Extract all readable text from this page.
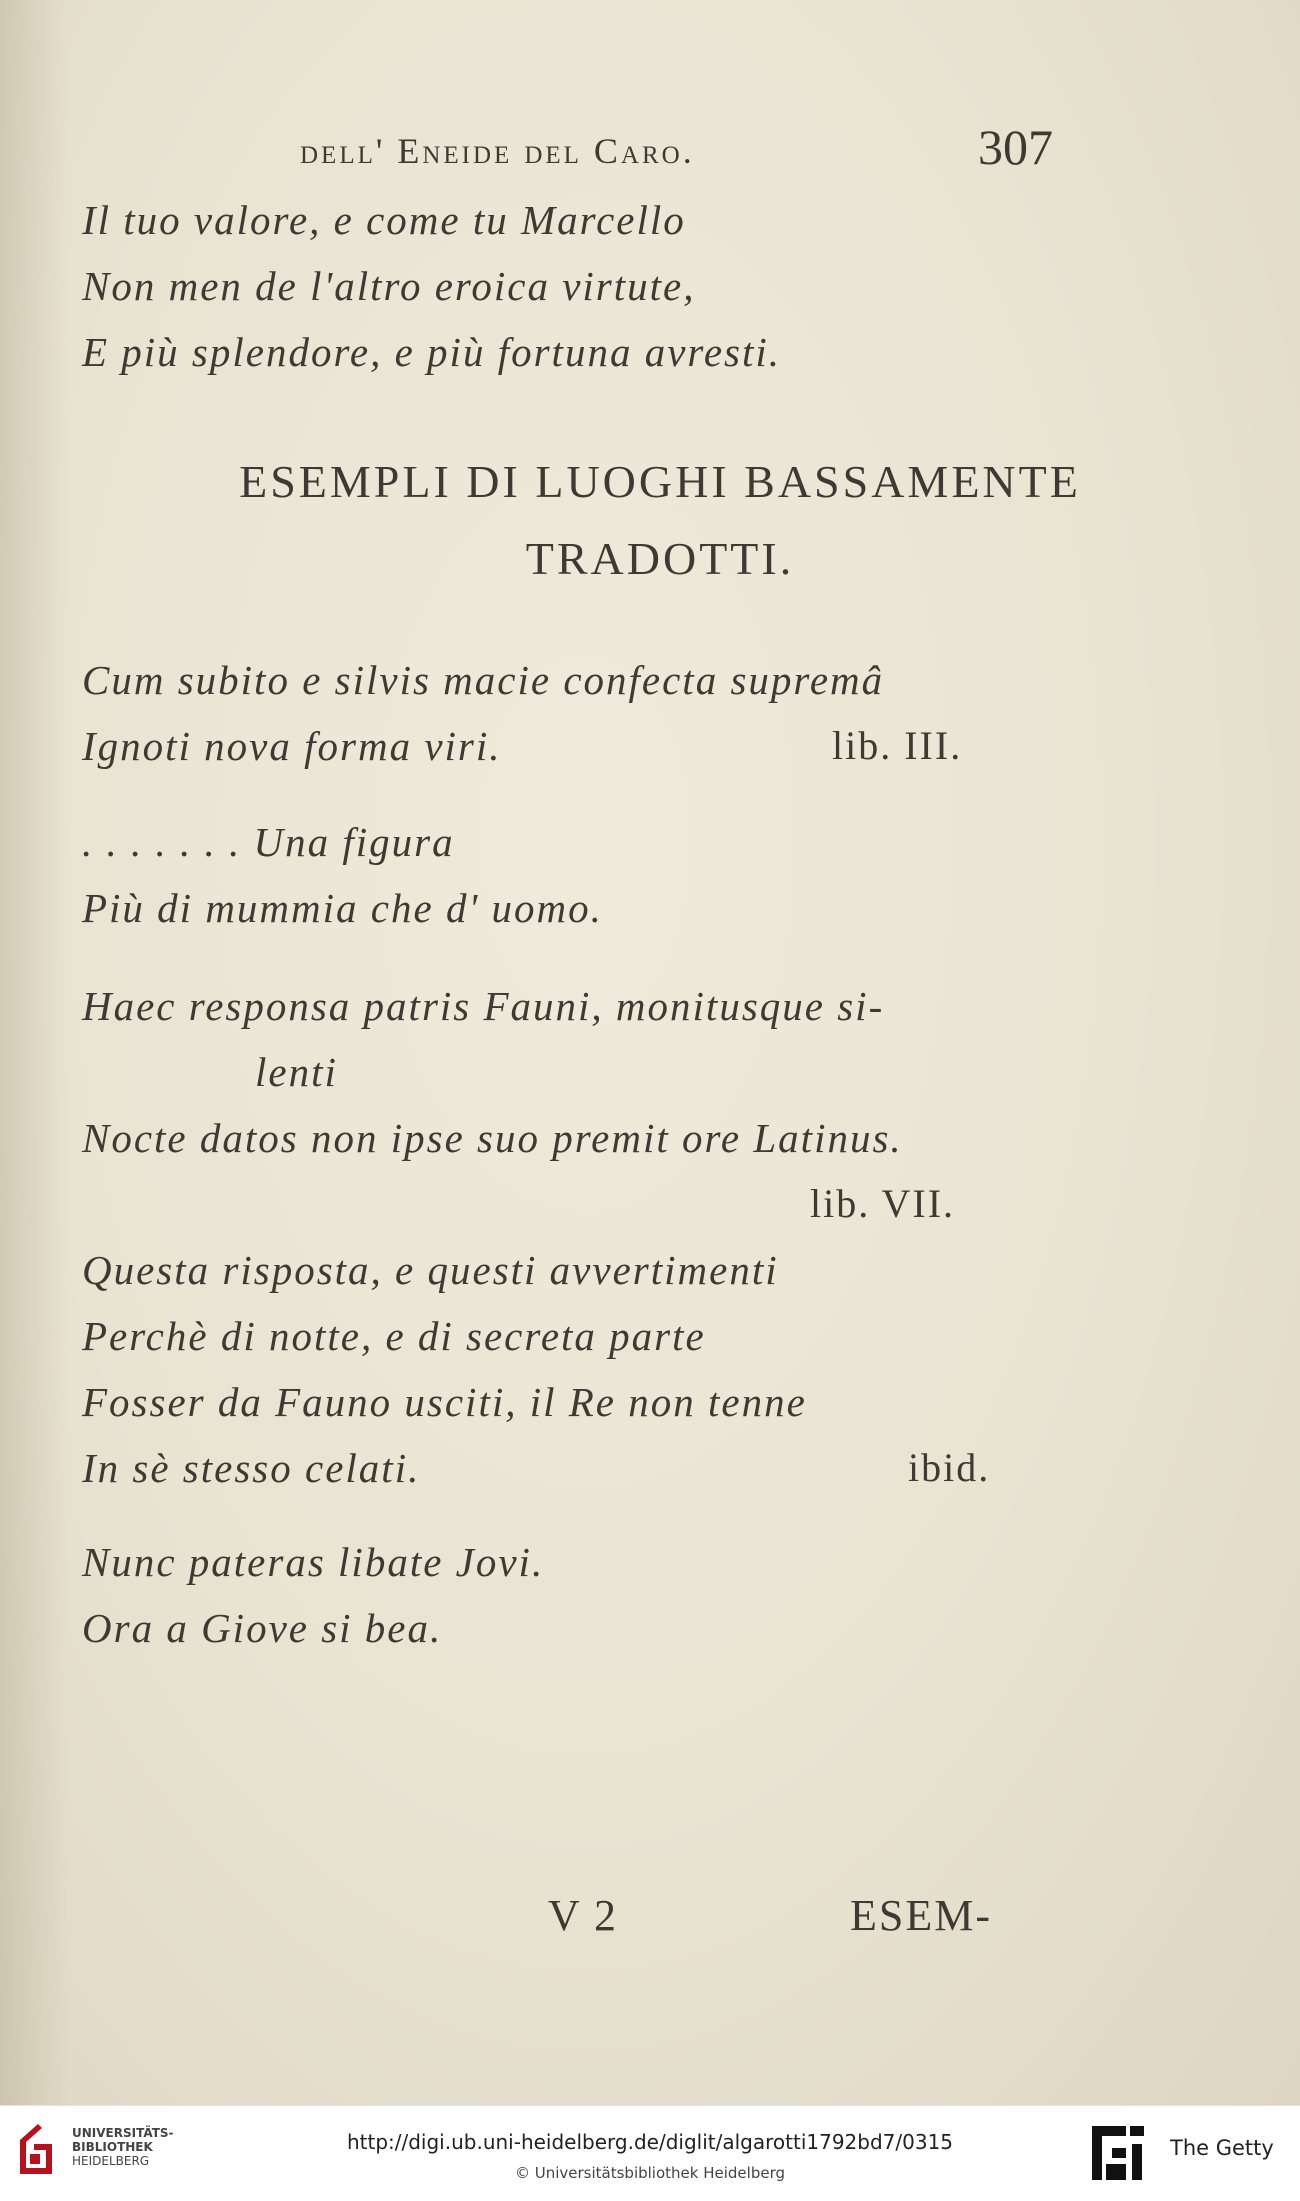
dell' Eneide del Caro.	307
Il tuo valore, e come tu Marcello
Non men de l'altro eroica virtute,
E più splendore, e più fortuna avresti.
ESEMPLI DI LUOGHI BASSAMENTE
TRADOTTI.
Cum subito e silvis macie confecta supremâ
Ignoti nova forma viri.	lib. III.
. . . . . . . Una figura
Più di mummia che d' uomo.
Haec responsa patris Fauni, monitusque si-
lenti
Nocte datos non ipse suo premit ore Latinus.
lib. VII.
Questa risposta, e questi avvertimenti
Perchè di notte, e di secreta parte
Fosser da Fauno usciti, il Re non tenne
In sè stesso celati.	ibid.
Nunc pateras libate Jovi.
Ora a Giove si bea.
V 2	ESEM-
UNIVERSITÄTS-
BIBLIOTHEK
HEIDELBERG
http://digi.ub.uni-heidelberg.de/diglit/algarotti1792bd7/0315
© Universitätsbibliothek Heidelberg
The Getty
